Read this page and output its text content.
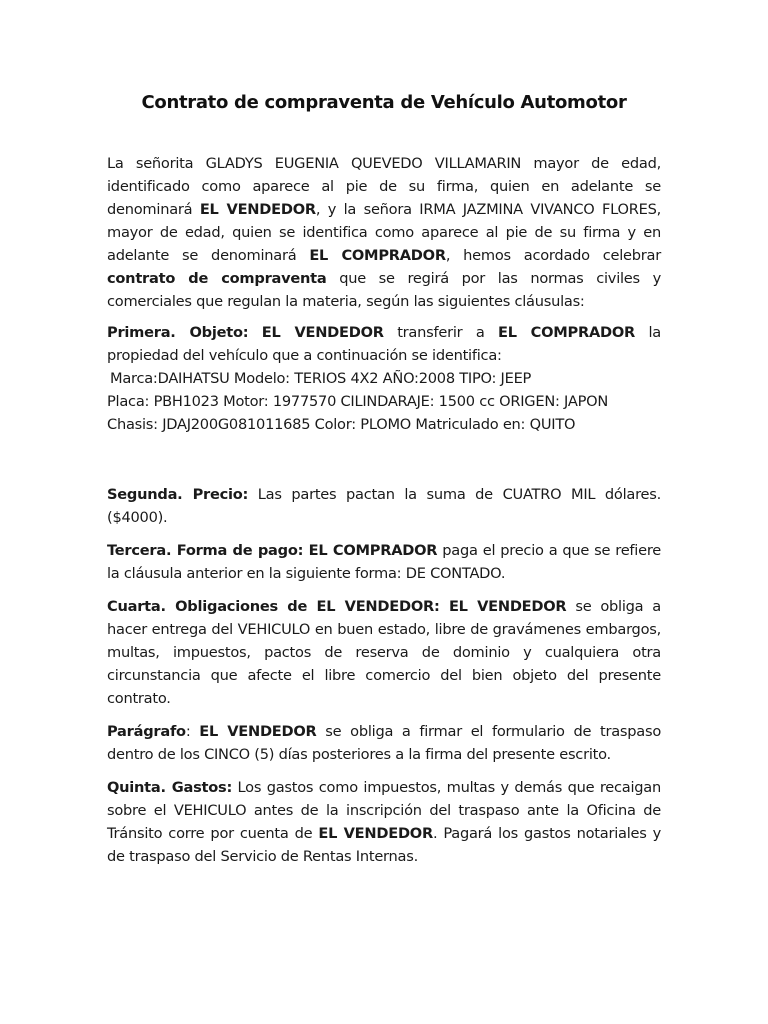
Contrato de compraventa de Vehículo Automotor

La señorita GLADYS EUGENIA QUEVEDO VILLAMARIN mayor de edad, identificado como aparece al pie de su firma, quien en adelante se denominará EL VENDEDOR, y la señora IRMA JAZMINA VIVANCO FLORES, mayor de edad, quien se identifica como aparece al pie de su firma y en adelante se denominará EL COMPRADOR, hemos acordado celebrar contrato de compraventa que se regirá por las normas civiles y comerciales que regulan la materia, según las siguientes cláusulas:

Primera. Objeto: EL VENDEDOR transferir a EL COMPRADOR la propiedad del vehículo que a continuación se identifica:

Marca:DAIHATSU Modelo: TERIOS 4X2 AÑO:2008 TIPO: JEEP

Placa: PBH1023 Motor: 1977570 CILINDARAJE: 1500 cc ORIGEN: JAPON

Chasis: JDAJ200G081011685 Color: PLOMO Matriculado en: QUITO

Segunda. Precio: Las partes pactan la suma de CUATRO MIL dólares. ($4000).

Tercera. Forma de pago: EL COMPRADOR paga el precio a que se refiere la cláusula anterior en la siguiente forma: DE CONTADO.

Cuarta. Obligaciones de EL VENDEDOR: EL VENDEDOR se obliga a hacer entrega del VEHICULO en buen estado, libre de gravámenes embargos, multas, impuestos, pactos de reserva de dominio y cualquiera otra circunstancia que afecte el libre comercio del bien objeto del presente contrato.

Parágrafo: EL VENDEDOR se obliga a firmar el formulario de traspaso dentro de los CINCO (5) días posteriores a la firma del presente escrito.

Quinta. Gastos: Los gastos como impuestos, multas y demás que recaigan sobre el VEHICULO antes de la inscripción del traspaso ante la Oficina de Tránsito corre por cuenta de EL VENDEDOR. Pagará los gastos notariales y de traspaso del Servicio de Rentas Internas.
